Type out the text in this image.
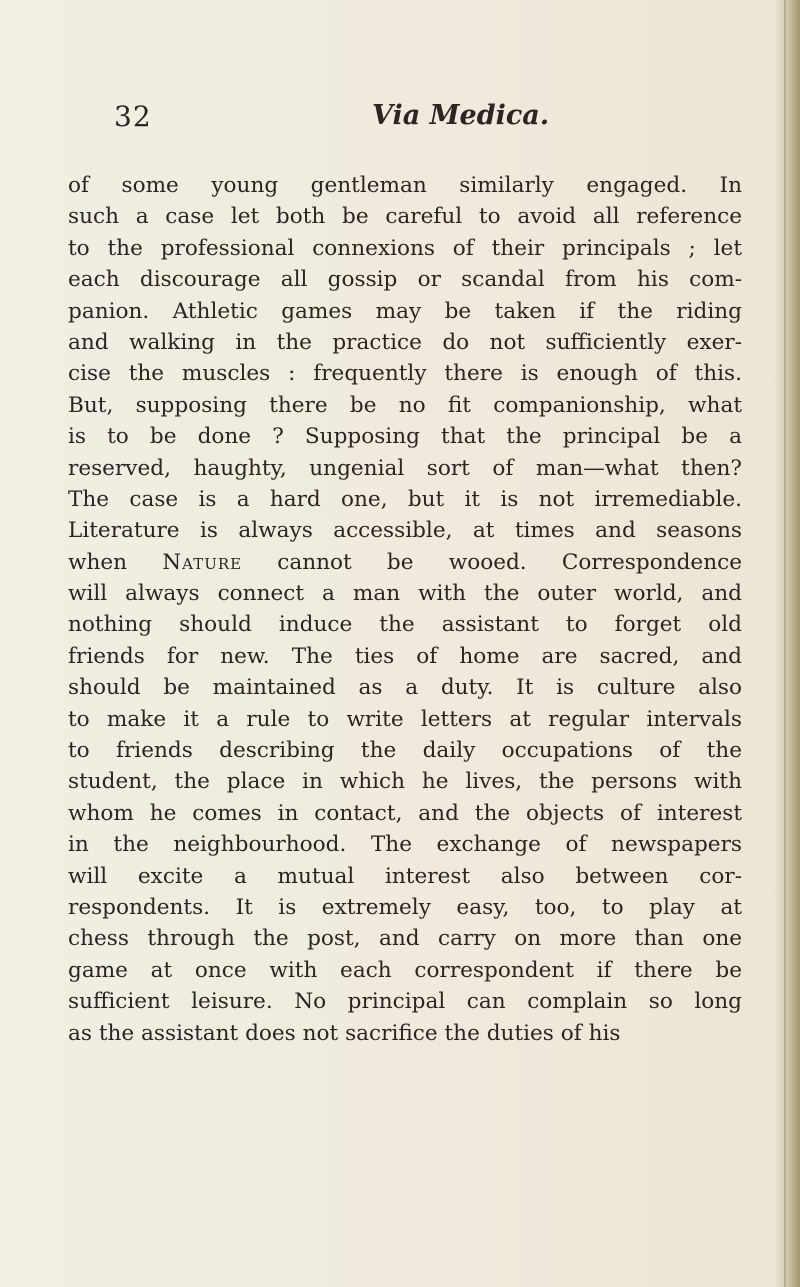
32	Via Medica.
of some young gentleman similarly engaged. In
such a case let both be careful to avoid all reference
to the professional connexions of their principals ; let
each discourage all gossip or scandal from his com-
panion. Athletic games may be taken if the riding
and walking in the practice do not sufficiently exer-
cise the muscles : frequently there is enough of this.
But, supposing there be no fit companionship, what
is to be done ? Supposing that the principal be a
reserved, haughty, ungenial sort of man—what then?
The case is a hard one, but it is not irremediable.
Literature is always accessible, at times and seasons
when Nature cannot be wooed. Correspondence
will always connect a man with the outer world, and
nothing should induce the assistant to forget old
friends for new. The ties of home are sacred, and
should be maintained as a duty. It is culture also
to make it a rule to write letters at regular intervals
to friends describing the daily occupations of the
student, the place in which he lives, the persons with
whom he comes in contact, and the objects of interest
in the neighbourhood. The exchange of newspapers
will excite a mutual interest also between cor-
respondents. It is extremely easy, too, to play at
chess through the post, and carry on more than one
game at once with each correspondent if there be
sufficient leisure. No principal can complain so long
as the assistant does not sacrifice the duties of his
